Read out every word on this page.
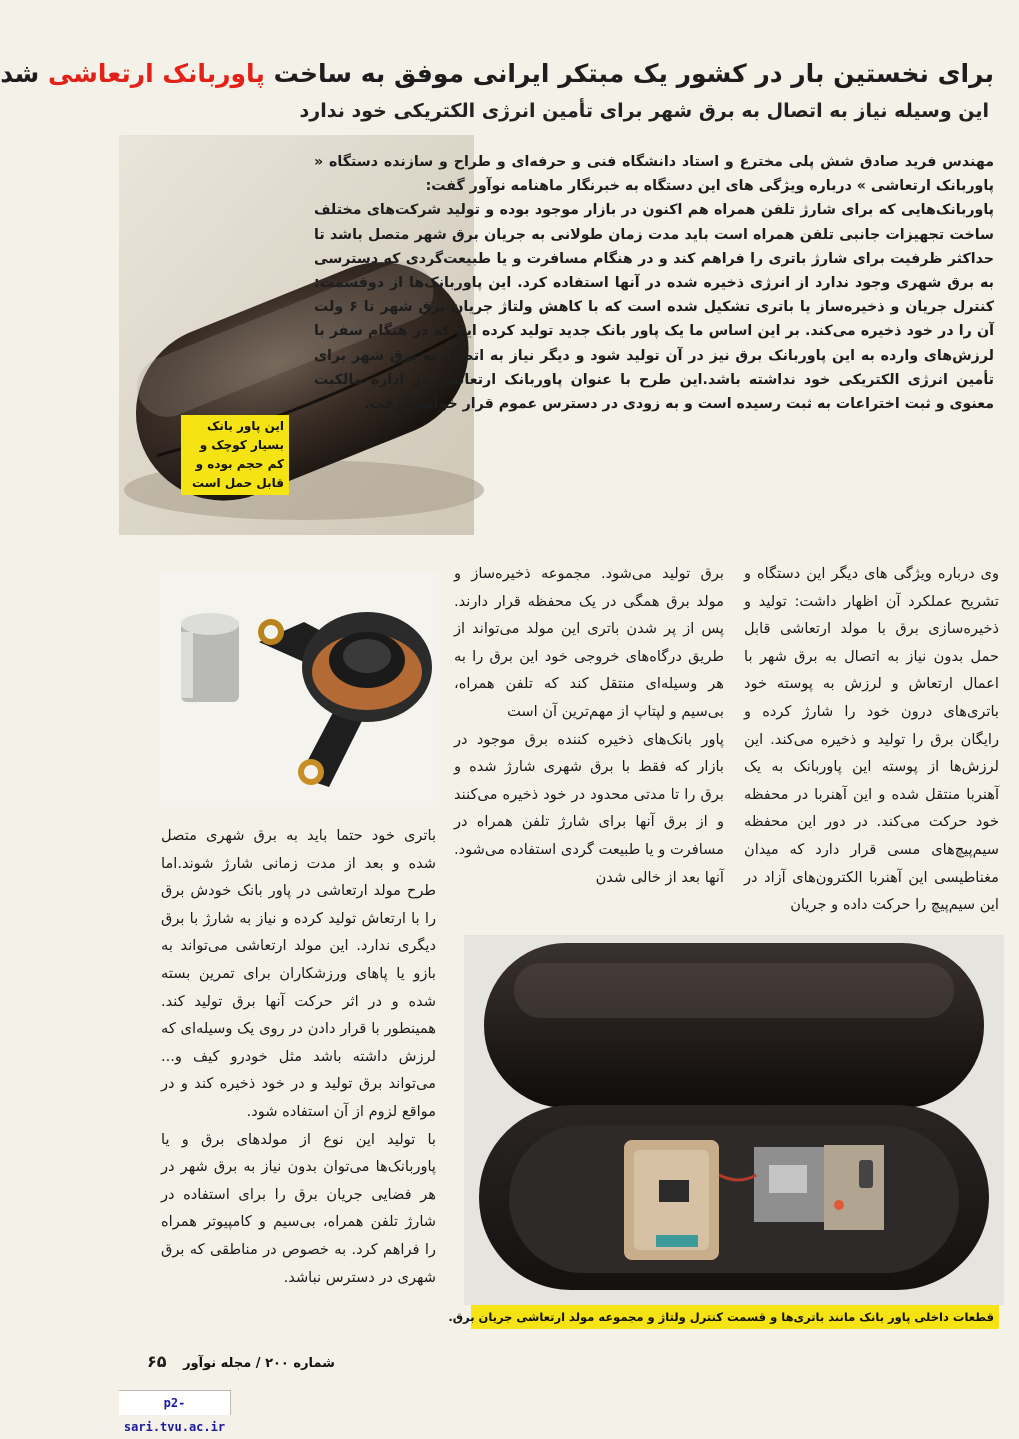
برای نخستین بار در کشور یک مبتکر ایرانی موفق به ساخت پاوربانک ارتعاشی شد
این وسیله نیاز به اتصال به برق شهر برای تأمین انرژی الکتریکی خود ندارد

مهندس فرید صادق شش پلی مخترع و استاد دانشگاه فنی و حرفه‌ای و طراح و سازنده دستگاه « پاوربانک ارتعاشی » درباره ویژگی های این دستگاه به خبرنگار ماهنامه نوآور گفت:

پاوربانک‌هایی که برای شارژ تلفن همراه هم اکنون در بازار موجود بوده و تولید شرکت‌های مختلف ساخت تجهیزات جانبی تلفن همراه است باید مدت زمان طولانی به جریان برق شهر متصل باشد تا حداکثر ظرفیت برای شارژ باتری را فراهم کند و در هنگام مسافرت و یا طبیعت‌گردی که دسترسی به برق شهری وجود ندارد از انرژی ذخیره شده در آنها استفاده کرد. این پاوربانک‌ها از دوقسمت: کنترل جریان و ذخیره‌ساز یا باتری تشکیل شده است که با کاهش ولتاژ جریان برق شهر تا ۶ ولت آن را در خود ذخیره می‌کند. بر این اساس ما یک پاور بانک جدید تولید کرده ایم که در هنگام سفر با لرزش‌های وارده به این پاوربانک برق نیز در آن تولید شود و دیگر نیاز به اتصال به برق شهر برای تأمین انرژی الکتریکی خود نداشته باشد.این طرح با عنوان پاوربانک ارتعاشی در اداره مالکیت معنوی و ثبت اختراعات به ثبت رسیده است و به زودی در دسترس عموم قرار خواهد گرفت.

این پاور بانک بسیار کوچک و کم حجم بوده و قابل حمل است

وی درباره ویژگی های دیگر این دستگاه و تشریح عملکرد آن اظهار داشت: تولید و ذخیره‌سازی برق با مولد ارتعاشی قابل حمل بدون نیاز به اتصال به برق شهر با اعمال ارتعاش و لرزش به پوسته خود باتری‌های درون خود را شارژ کرده و رایگان برق را تولید و ذخیره می‌کند. این لرزش‌ها از پوسته این پاوربانک به یک آهنربا منتقل شده و این آهنربا در محفظه خود حرکت می‌کند. در دور این محفظه سیم‌پیچ‌های مسی قرار دارد که میدان مغناطیسی این آهنربا الکترون‌های آزاد در این سیم‌پیچ را حرکت داده و جریان

برق تولید می‌شود. مجموعه ذخیره‌ساز و مولد برق همگی در یک محفظه قرار دارند. پس از پر شدن باتری این مولد می‌تواند از طریق درگاه‌های خروجی خود این برق را به هر وسیله‌ای منتقل کند که تلفن همراه، بی‌سیم و لپتاپ از مهم‌ترین آن است

پاور بانک‌های ذخیره کننده برق موجود در بازار که فقط با برق شهری شارژ شده و برق را تا مدتی محدود در خود ذخیره می‌کنند و از برق آنها برای شارژ تلفن همراه در مسافرت و یا طبیعت گردی استفاده می‌شود. آنها بعد از خالی شدن

باتری خود حتما باید به برق شهری متصل شده و بعد از مدت زمانی شارژ شوند.اما طرح مولد ارتعاشی در پاور بانک خودش برق را با ارتعاش تولید کرده و نیاز به شارژ با برق دیگری ندارد. این مولد ارتعاشی می‌تواند به بازو یا پاهای ورزشکاران برای تمرین بسته شده و در اثر حرکت آنها برق تولید کند. همینطور با قرار دادن در روی یک وسیله‌ای که لرزش داشته باشد مثل خودرو کیف و... می‌تواند برق تولید و در خود ذخیره کند و در مواقع لزوم از آن استفاده شود.

با تولید این نوع از مولدهای برق و یا پاوربانک‌ها می‌توان بدون نیاز به برق شهر در هر فضایی جریان برق را برای استفاده در شارژ تلفن همراه، بی‌سیم و کامپیوتر همراه را فراهم کرد. به خصوص در مناطقی که برق شهری در دسترس نباشد.

قطعات داخلی پاور بانک مانند باتری‌ها و قسمت کنترل ولتاژ و مجموعه مولد ارتعاشی جریان برق.
۶۵	شماره ۲۰۰ / مجله نوآور
p2-sari.tvu.ac.ir
